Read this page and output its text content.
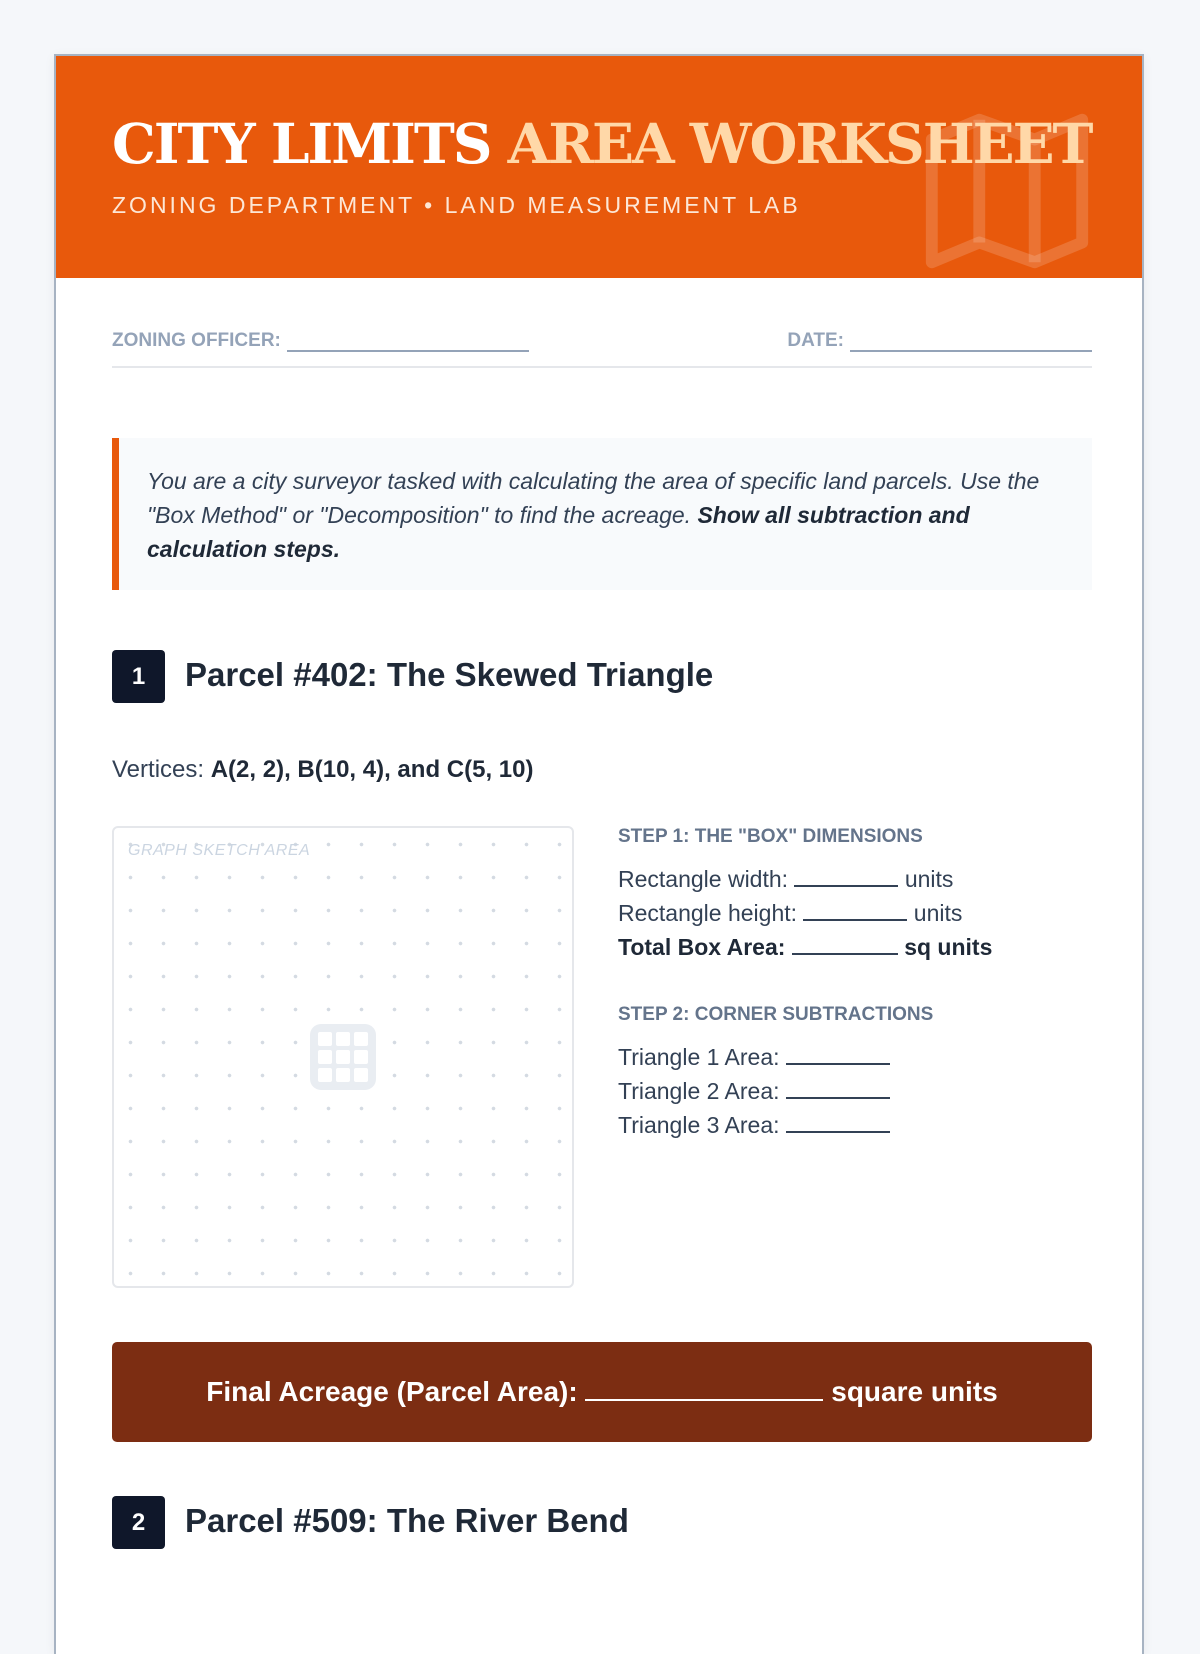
CITY LIMITS AREA WORKSHEET
ZONING DEPARTMENT • LAND MEASUREMENT LAB
ZONING OFFICER:	DATE:
You are a city surveyor tasked with calculating the area of specific land parcels. Use the "Box Method" or "Decomposition" to find the acreage. Show all subtraction and calculation steps.
1	Parcel #402: The Skewed Triangle
Vertices: A(2, 2), B(10, 4), and C(5, 10)
GRAPH SKETCH AREA
STEP 1: THE "BOX" DIMENSIONS
Rectangle width:	units
Rectangle height:	units
Total Box Area:	sq units
STEP 2: CORNER SUBTRACTIONS
Triangle 1 Area:
Triangle 2 Area:
Triangle 3 Area:
Final Acreage (Parcel Area):	square units
2	Parcel #509: The River Bend
